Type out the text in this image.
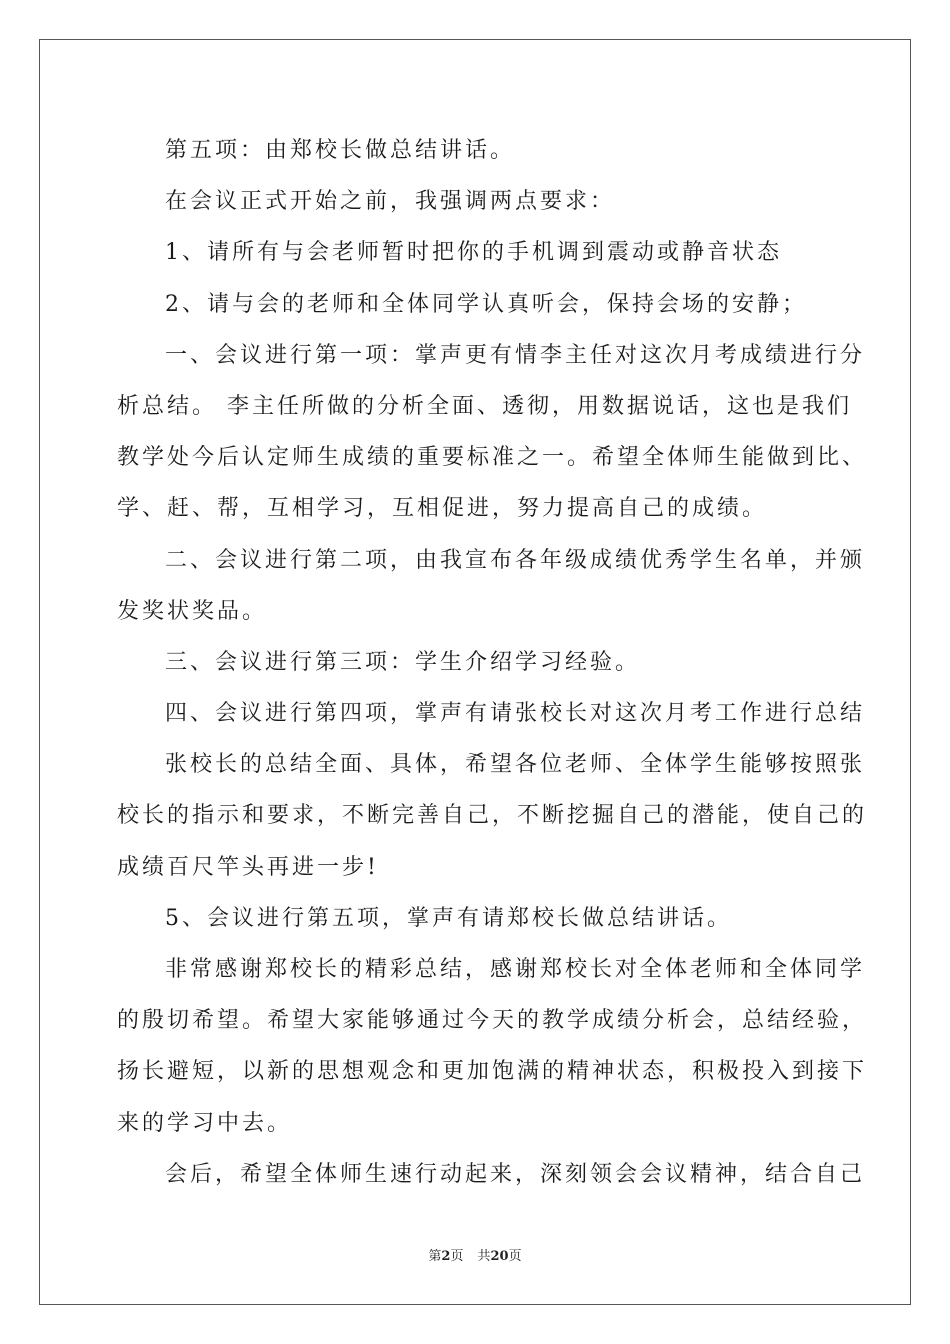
第五项：由郑校长做总结讲话。
在会议正式开始之前，我强调两点要求：
1、请所有与会老师暂时把你的手机调到震动或静音状态
2、请与会的老师和全体同学认真听会，保持会场的安静；
一、会议进行第一项：掌声更有情李主任对这次月考成绩进行分
析总结。 李主任所做的分析全面、透彻，用数据说话，这也是我们
教学处今后认定师生成绩的重要标准之一。希望全体师生能做到比、
学、赶、帮，互相学习，互相促进，努力提高自己的成绩。
二、会议进行第二项，由我宣布各年级成绩优秀学生名单，并颁
发奖状奖品。
三、会议进行第三项：学生介绍学习经验。
四、会议进行第四项，掌声有请张校长对这次月考工作进行总结
张校长的总结全面、具体，希望各位老师、全体学生能够按照张
校长的指示和要求，不断完善自己，不断挖掘自己的潜能，使自己的
成绩百尺竿头再进一步!
5、会议进行第五项，掌声有请郑校长做总结讲话。
非常感谢郑校长的精彩总结，感谢郑校长对全体老师和全体同学
的殷切希望。希望大家能够通过今天的教学成绩分析会，总结经验，
扬长避短，以新的思想观念和更加饱满的精神状态，积极投入到接下
来的学习中去。
会后，希望全体师生速行动起来，深刻领会会议精神，结合自己
第2页 共20页
